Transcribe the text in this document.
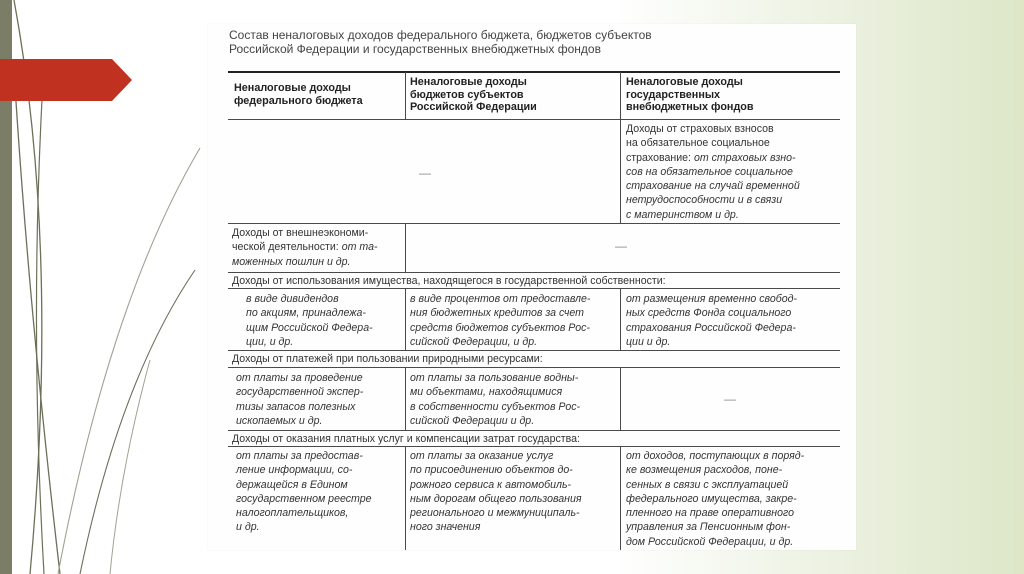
Состав неналоговых доходов федерального бюджета, бюджетов субъектов
Российской Федерации и государственных внебюджетных фондов
Неналоговые доходы
федерального бюджета
Неналоговые доходы
бюджетов субъектов
Российской Федерации
Неналоговые доходы
государственных
внебюджетных фондов
—
Доходы от страховых взносов
на обязательное социальное
страхование: от страховых взно-
сов на обязательное социальное
страхование на случай временной
нетрудоспособности и в связи
с материнством и др.
Доходы от внешнеэкономи-
ческой деятельности: от та-
моженных пошлин и др.
—
Доходы от использования имущества, находящегося в государственной собственности:
в виде дивидендов
по акциям, принадлежа-
щим Российской Федера-
ции, и др.
в виде процентов от предоставле-
ния бюджетных кредитов за счет
средств бюджетов субъектов Рос-
сийской Федерации, и др.
от размещения временно свобод-
ных средств Фонда социального
страхования Российской Федера-
ции и др.
Доходы от платежей при пользовании природными ресурсами:
от платы за проведение
государственной экспер-
тизы запасов полезных
ископаемых и др.
от платы за пользование водны-
ми объектами, находящимися
в собственности субъектов Рос-
сийской Федерации и др.
—
Доходы от оказания платных услуг и компенсации затрат государства:
от платы за предостав-
ление информации, со-
держащейся в Едином
государственном реестре
налогоплательщиков,
и др.
от платы за оказание услуг
по присоединению объектов до-
рожного сервиса к автомобиль-
ным дорогам общего пользования
регионального и межмуниципаль-
ного значения
от доходов, поступающих в поряд-
ке возмещения расходов, поне-
сенных в связи с эксплуатацией
федерального имущества, закре-
пленного на праве оперативного
управления за Пенсионным фон-
дом Российской Федерации, и др.
